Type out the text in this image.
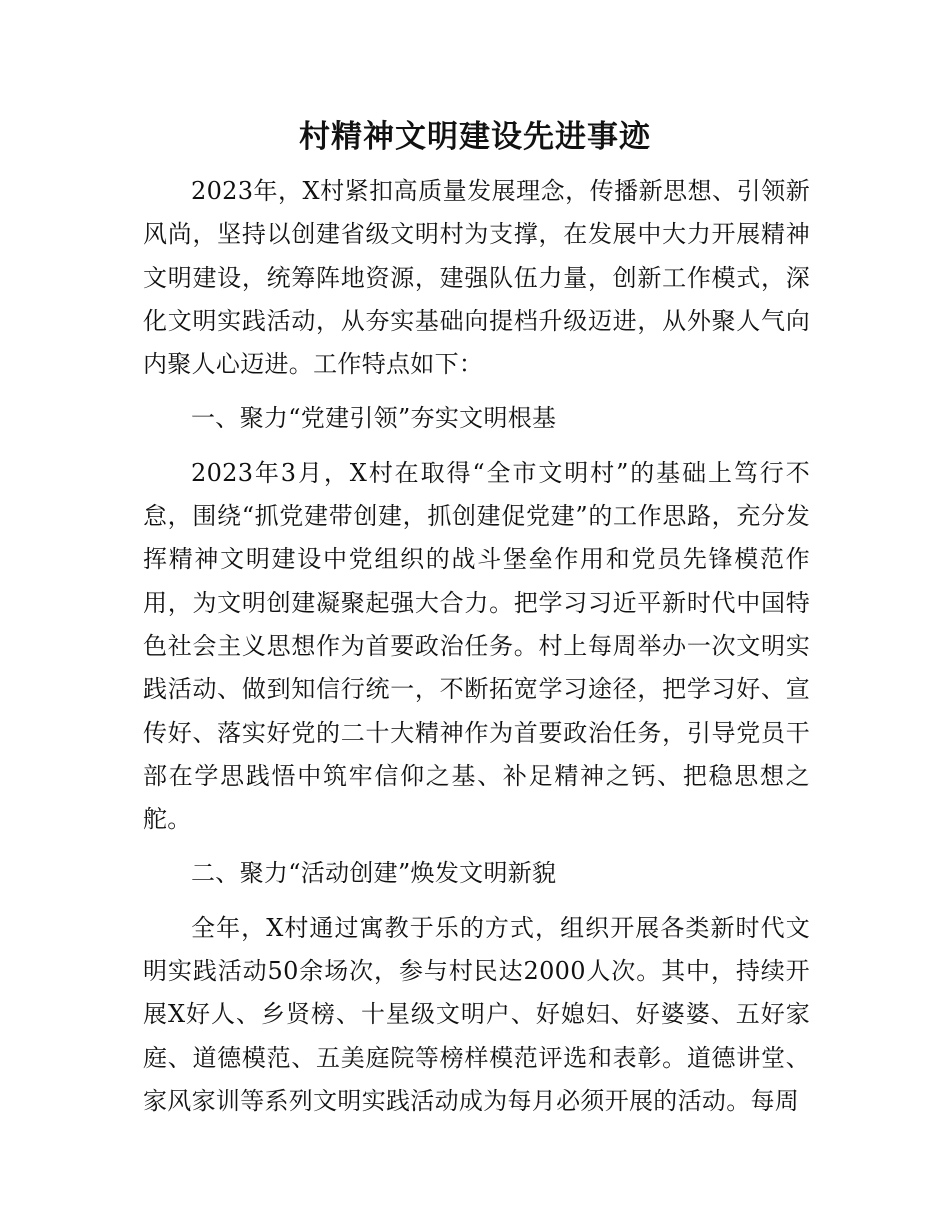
村精神文明建设先进事迹

2023年，X村紧扣高质量发展理念，传播新思想、引领新风尚，坚持以创建省级文明村为支撑，在发展中大力开展精神文明建设，统筹阵地资源，建强队伍力量，创新工作模式，深化文明实践活动，从夯实基础向提档升级迈进，从外聚人气向内聚人心迈进。工作特点如下：

一、聚力“党建引领”夯实文明根基

2023年3月，X村在取得“全市文明村”的基础上笃行不怠，围绕“抓党建带创建，抓创建促党建”的工作思路，充分发挥精神文明建设中党组织的战斗堡垒作用和党员先锋模范作用，为文明创建凝聚起强大合力。把学习习近平新时代中国特色社会主义思想作为首要政治任务。村上每周举办一次文明实践活动、做到知信行统一，不断拓宽学习途径，把学习好、宣传好、落实好党的二十大精神作为首要政治任务，引导党员干部在学思践悟中筑牢信仰之基、补足精神之钙、把稳思想之舵。

二、聚力“活动创建”焕发文明新貌

全年，X村通过寓教于乐的方式，组织开展各类新时代文明实践活动50余场次，参与村民达2000人次。其中，持续开展X好人、乡贤榜、十星级文明户、好媳妇、好婆婆、五好家庭、道德模范、五美庭院等榜样模范评选和表彰。道德讲堂、家风家训等系列文明实践活动成为每月必须开展的活动。每周
